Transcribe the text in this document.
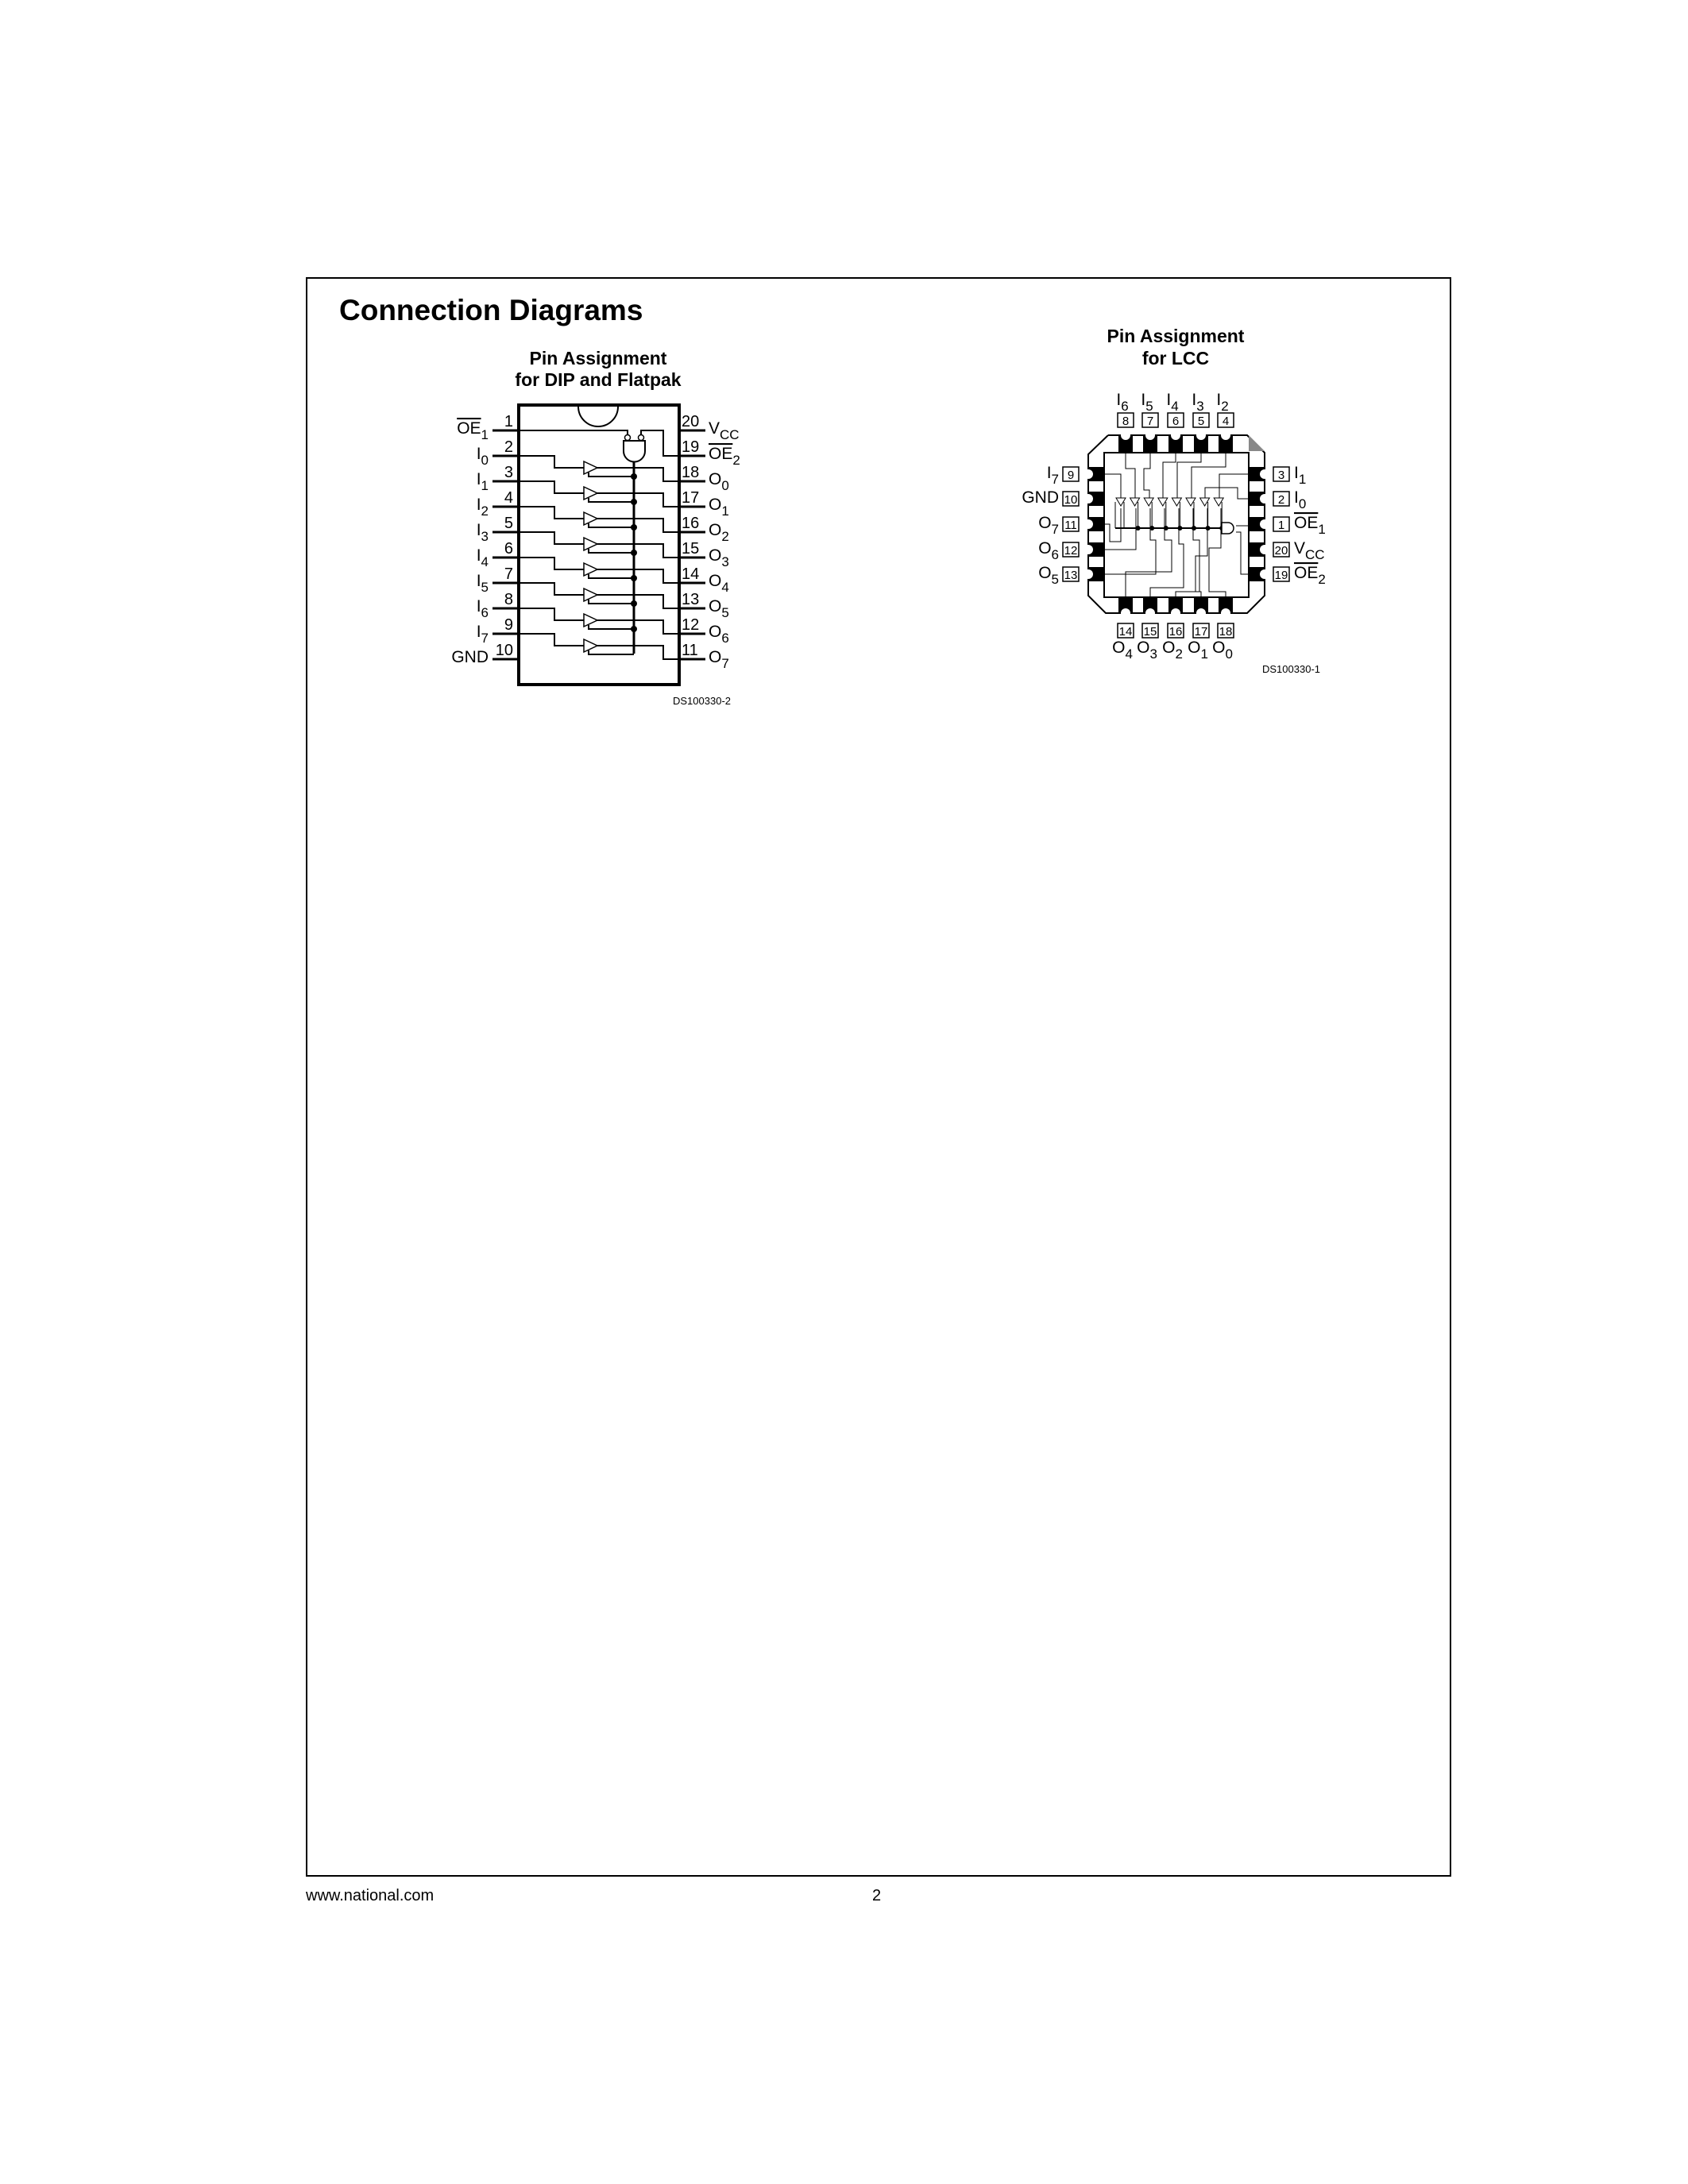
Connection Diagrams
www.national.com	2
Pin Assignment
for DIP and Flatpak
1
$OE_1$
2
$I_0$
3
$I_1$
4
$I_2$
5
$I_3$
6
$I_4$
7
$I_5$
8
$I_6$
9
$I_7$
10
GND
20 $V_{CC}$
19 $OE_2$
18 $O_0$
17 $O_1$
16 $O_2$
15 $O_3$
14 $O_4$
13 $O_5$
12 $O_6$
11 $O_7$
DS100330-2
Pin Assignment
for LCC
8
$I_6$
7
$I_5$
6
$I_4$
5
$I_3$
4
$I_2$
14
$O_4$
15
$O_3$
16
$O_2$
17
$O_1$
18
$O_0$
9
$I_7$
10
GND
11
$O_7$
12
$O_6$
13
$O_5$
3 $I_1$
2 $I_0$
1 $OE_1$
20 $V_{CC}$
19 $OE_2$
DS100330-1
